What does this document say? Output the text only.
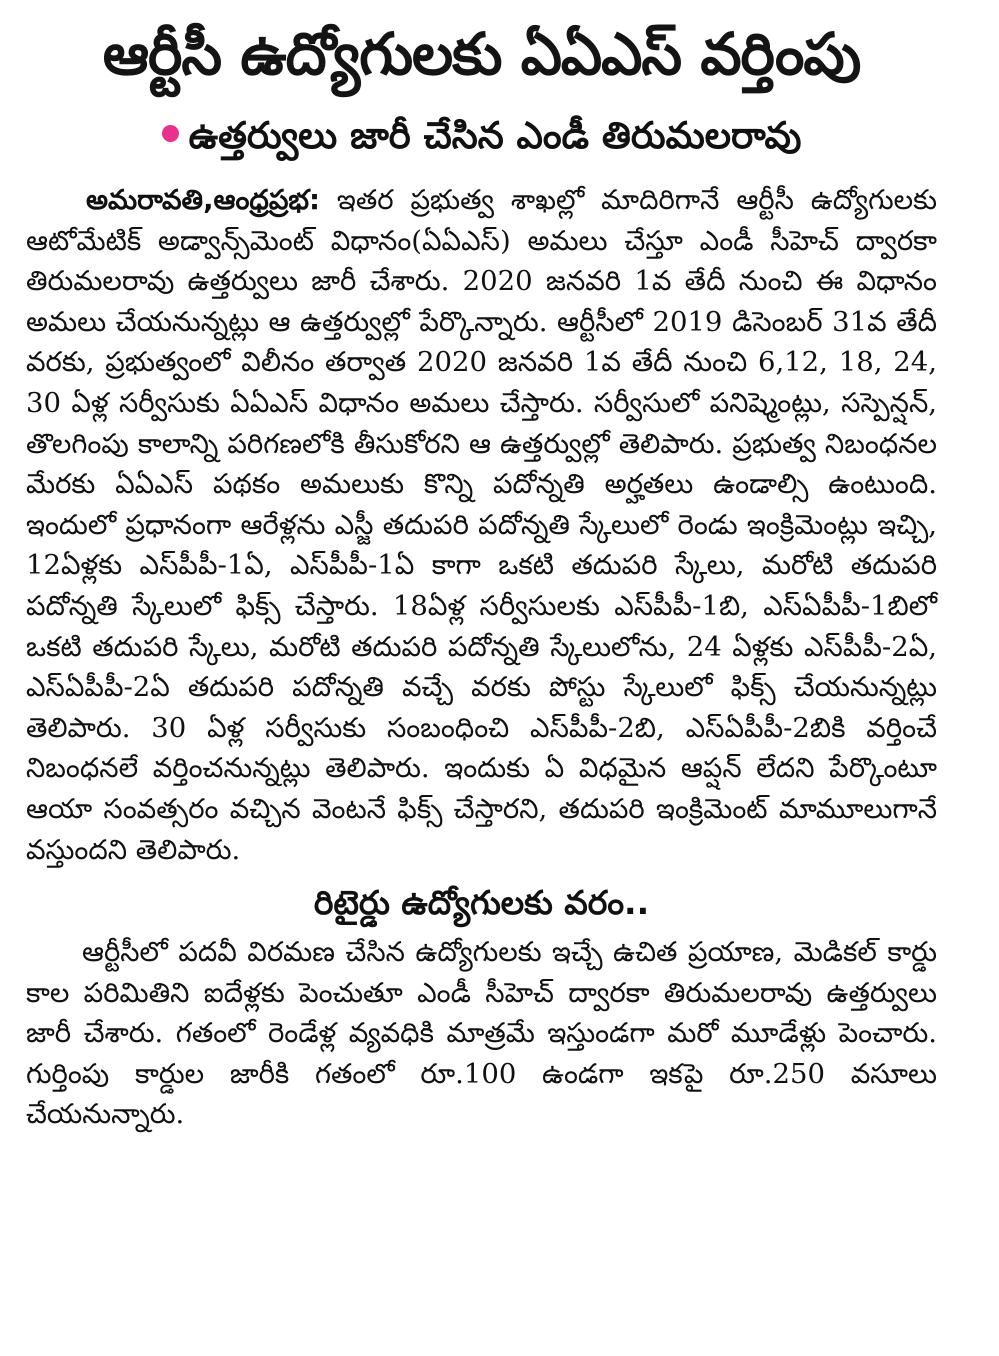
ఆర్టీసీ ఉద్యోగులకు ఏఏఎస్ వర్తింపు
ఉత్తర్వులు జారీ చేసిన ఎండీ తిరుమలరావు

అమరావతి,ఆంధ్రప్రభ: ఇతర ప్రభుత్వ శాఖల్లో మాదిరిగానే ఆర్టీసీ ఉద్యోగులకు ఆటోమేటిక్ అడ్వాన్స్‌మెంట్ విధానం(ఏఏఎస్) అమలు చేస్తూ ఎండీ సీహెచ్ ద్వారకా తిరుమలరావు ఉత్తర్వులు జారీ చేశారు. 2020 జనవరి 1వ తేదీ నుంచి ఈ విధానం అమలు చేయనున్నట్లు ఆ ఉత్తర్వుల్లో పేర్కొన్నారు. ఆర్టీసీలో 2019 డిసెంబర్ 31వ తేదీ వరకు, ప్రభుత్వంలో విలీనం తర్వాత 2020 జనవరి 1వ తేదీ నుంచి 6,12, 18, 24, 30 ఏళ్ల సర్వీసుకు ఏఏఎస్ విధానం అమలు చేస్తారు. సర్వీసులో పనిష్మెంట్లు, సస్పెన్షన్, తొలగింపు కాలాన్ని పరిగణలోకి తీసుకోరని ఆ ఉత్తర్వుల్లో తెలిపారు. ప్రభుత్వ నిబంధనల మేరకు ఏఏఎస్ పథకం అమలుకు కొన్ని పదోన్నతి అర్హతలు ఉండాల్సి ఉంటుంది. ఇందులో ప్రధానంగా ఆరేళ్లను ఎస్జీ తదుపరి పదోన్నతి స్కేలులో రెండు ఇంక్రిమెంట్లు ఇచ్చి, 12ఏళ్లకు ఎస్‌పీపీ-1ఏ, ఎస్‌పీపీ-1ఏ కాగా ఒకటి తదుపరి స్కేలు, మరోటి తదుపరి పదోన్నతి స్కేలులో ఫిక్స్ చేస్తారు. 18ఏళ్ల సర్వీసులకు ఎస్‌పీపీ-1బి, ఎస్ఏపీపీ-1బిలో ఒకటి తదుపరి స్కేలు, మరోటి తదుపరి పదోన్నతి స్కేలులోను, 24 ఏళ్లకు ఎస్‌పీపీ-2ఏ, ఎస్ఏపీపీ-2ఏ తదుపరి పదోన్నతి వచ్చే వరకు పోస్టు స్కేలులో ఫిక్స్ చేయనున్నట్లు తెలిపారు. 30 ఏళ్ల సర్వీసుకు సంబంధించి ఎస్‌పీపీ-2బి, ఎస్ఏపీపీ-2బికి వర్తించే నిబంధనలే వర్తించనున్నట్లు తెలిపారు. ఇందుకు ఏ విధమైన ఆప్షన్ లేదని పేర్కొంటూ ఆయా సంవత్సరం వచ్చిన వెంటనే ఫిక్స్ చేస్తారని, తదుపరి ఇంక్రిమెంట్ మామూలుగానే వస్తుందని తెలిపారు.

రిటైర్డు ఉద్యోగులకు వరం..

ఆర్టీసీలో పదవీ విరమణ చేసిన ఉద్యోగులకు ఇచ్చే ఉచిత ప్రయాణ, మెడికల్ కార్డు కాల పరిమితిని ఐదేళ్లకు పెంచుతూ ఎండీ సీహెచ్ ద్వారకా తిరుమలరావు ఉత్తర్వులు జారీ చేశారు. గతంలో రెండేళ్ల వ్యవధికి మాత్రమే ఇస్తుండగా మరో మూడేళ్లు పెంచారు. గుర్తింపు కార్డుల జారీకి గతంలో రూ.100 ఉండగా ఇకపై రూ.250 వసూలు చేయనున్నారు.
